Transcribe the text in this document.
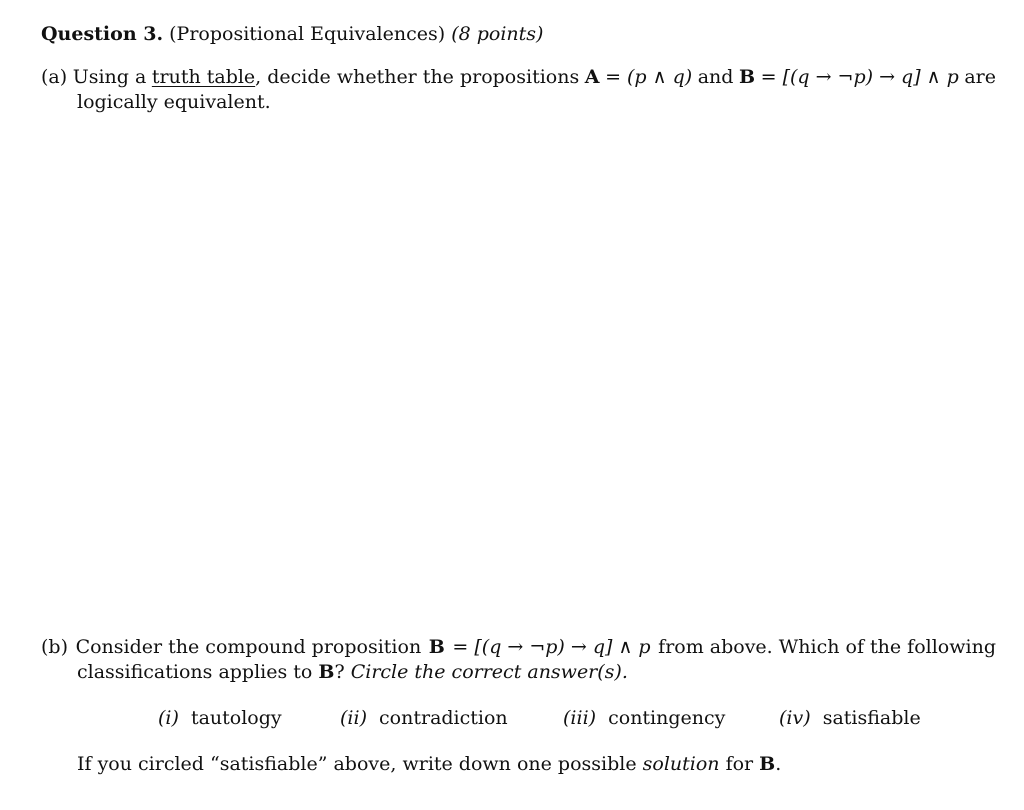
Question 3. (Propositional Equivalences) (8 points)
(a) Using a truth table, decide whether the propositions A = (p ∧ q) and B = [(q → ¬p) → q] ∧ p are
logically equivalent.
(b) Consider the compound proposition B = [(q → ¬p) → q] ∧ p from above. Which of the following
classifications applies to B? Circle the correct answer(s).
(i) tautology	(ii) contradiction	(iii) contingency	(iv) satisfiable
If you circled “satisfiable” above, write down one possible solution for B.
